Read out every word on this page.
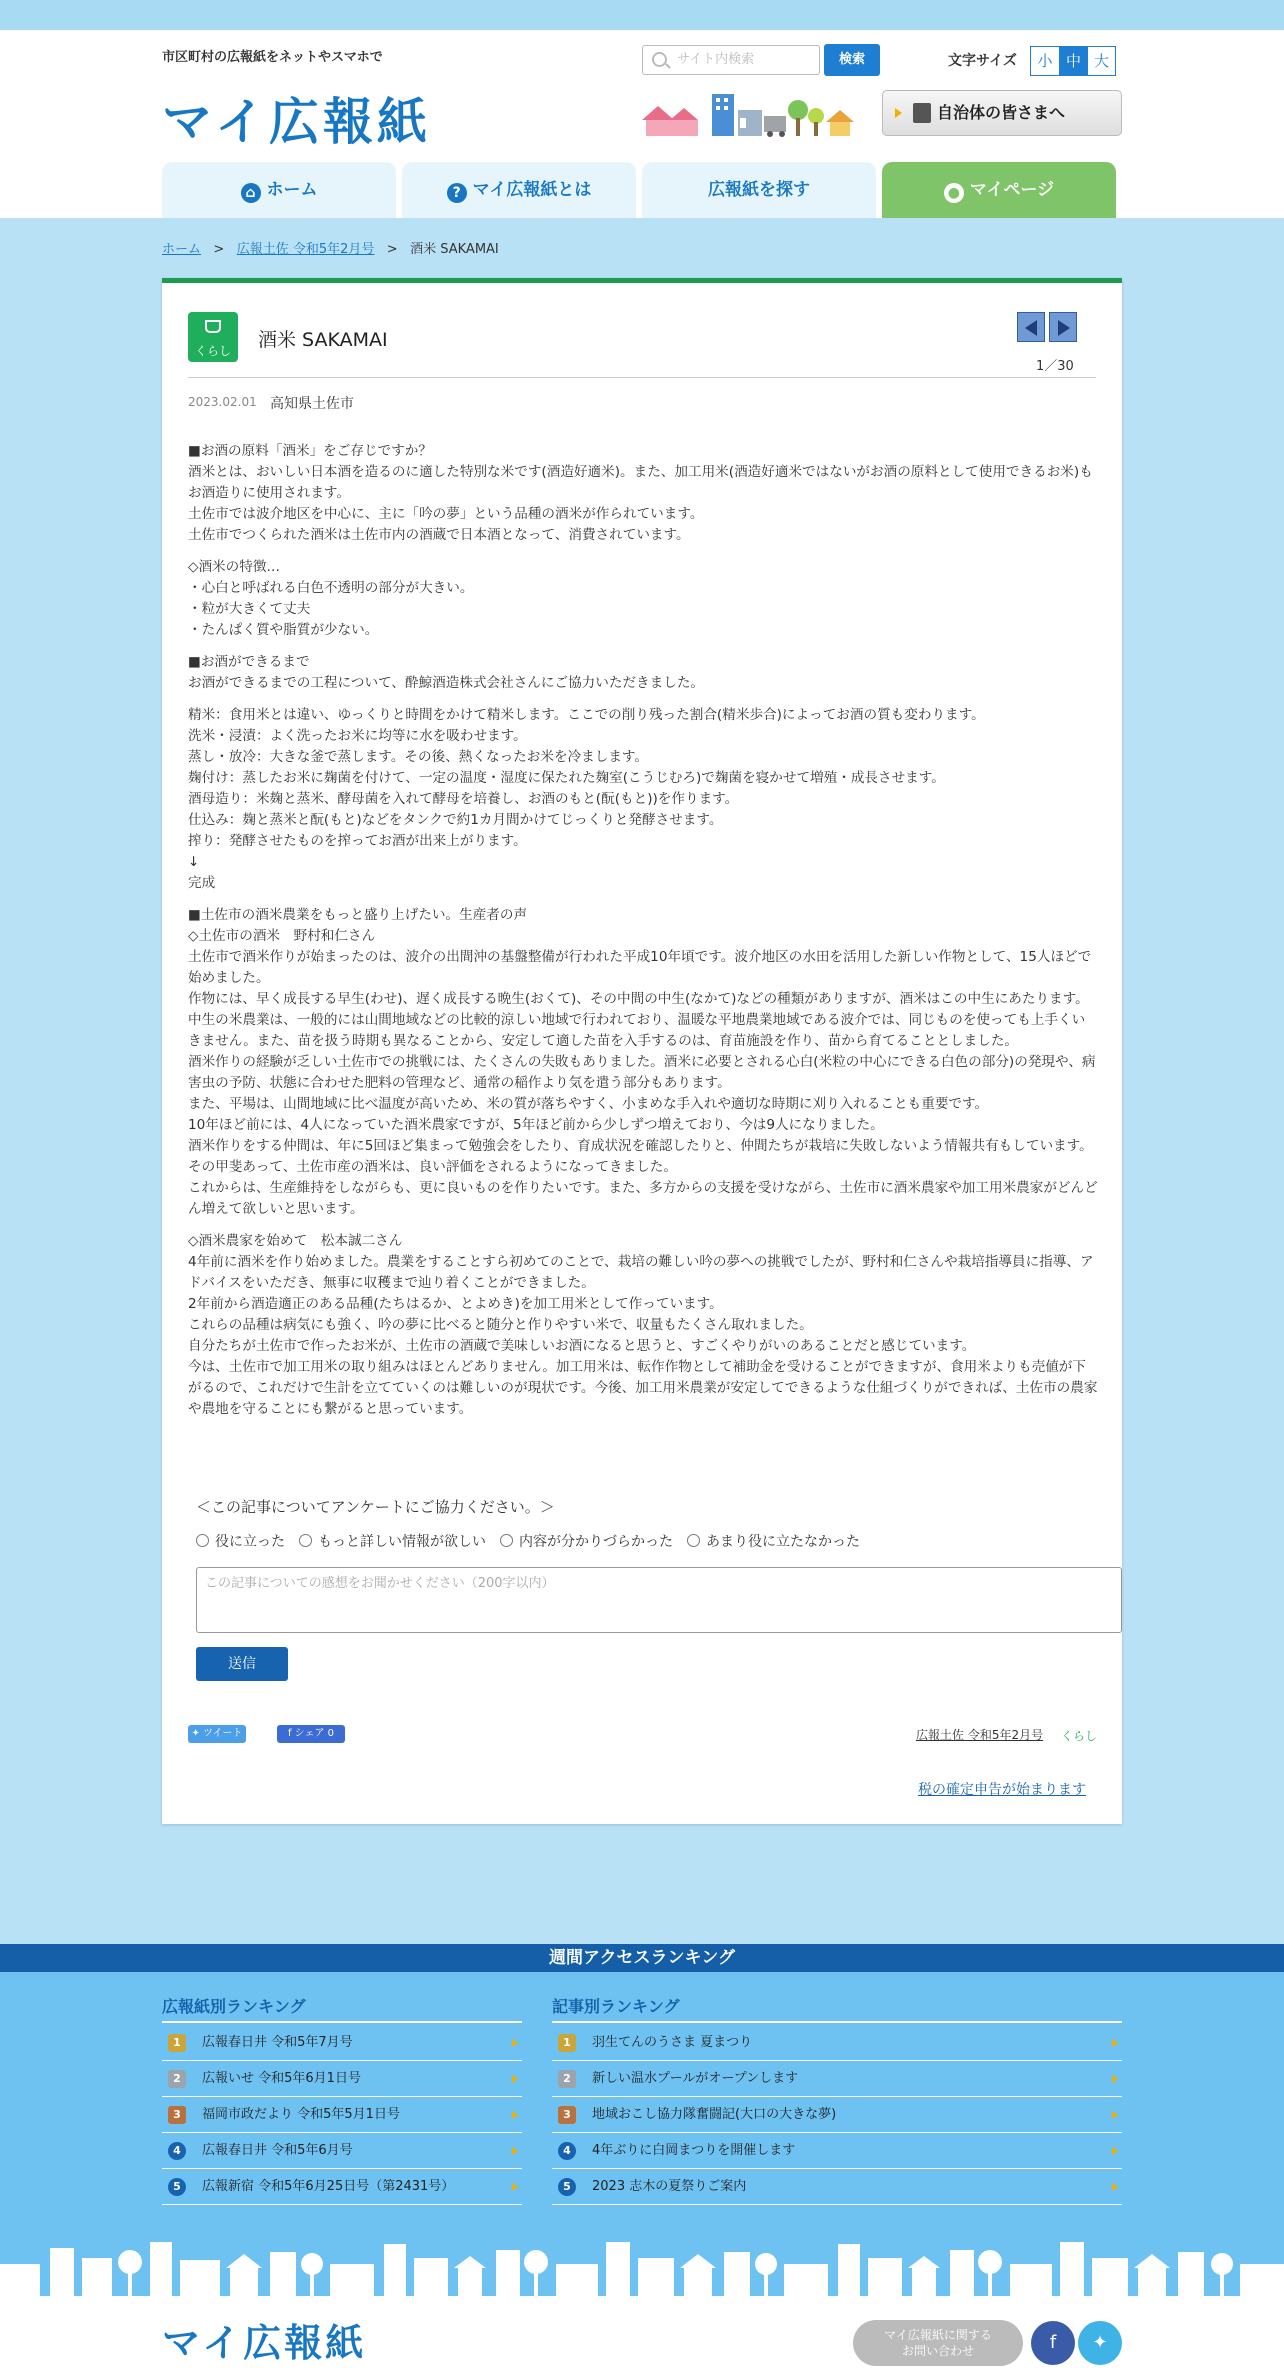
市区町村の広報紙をネットやスマホで
マイ広報紙
サイト内検索	検索	文字サイズ	小 中 大
自治体の皆さまへ
⌂ ホーム	? マイ広報紙とは	広報紙を探す	● マイページ
ホーム   >   広報土佐 令和5年2月号   >   酒米 SAKAMAI
くらし	酒米 SAKAMAI
1／30
2023.02.01 高知県土佐市

■お酒の原料「酒米」をご存じですか？
酒米とは、おいしい日本酒を造るのに適した特別な米です(酒造好適米)。また、加工用米(酒造好適米ではないがお酒の原料として使用できるお米)もお酒造りに使用されます。
土佐市では波介地区を中心に、主に「吟の夢」という品種の酒米が作られています。
土佐市でつくられた酒米は土佐市内の酒蔵で日本酒となって、消費されています。

◇酒米の特徴…
・心白と呼ばれる白色不透明の部分が大きい。
・粒が大きくて丈夫
・たんぱく質や脂質が少ない。

■お酒ができるまで
お酒ができるまでの工程について、酔鯨酒造株式会社さんにご協力いただきました。

精米：食用米とは違い、ゆっくりと時間をかけて精米します。ここでの削り残った割合(精米歩合)によってお酒の質も変わります。
洗米・浸漬：よく洗ったお米に均等に水を吸わせます。
蒸し・放冷：大きな釜で蒸します。その後、熱くなったお米を冷まします。
麹付け：蒸したお米に麹菌を付けて、一定の温度・湿度に保たれた麹室(こうじむろ)で麹菌を寝かせて増殖・成長させます。
酒母造り：米麹と蒸米、酵母菌を入れて酵母を培養し、お酒のもと(酛(もと))を作ります。
仕込み：麹と蒸米と酛(もと)などをタンクで約1カ月間かけてじっくりと発酵させます。
搾り：発酵させたものを搾ってお酒が出来上がります。
↓
完成

■土佐市の酒米農業をもっと盛り上げたい。生産者の声
◇土佐市の酒米　野村和仁さん
土佐市で酒米作りが始まったのは、波介の出間沖の基盤整備が行われた平成10年頃です。波介地区の水田を活用した新しい作物として、15人ほどで始めました。
作物には、早く成長する早生(わせ)、遅く成長する晩生(おくて)、その中間の中生(なかて)などの種類がありますが、酒米はこの中生にあたります。中生の米農業は、一般的には山間地域などの比較的涼しい地域で行われており、温暖な平地農業地域である波介では、同じものを使っても上手くいきません。また、苗を扱う時期も異なることから、安定して適した苗を入手するのは、育苗施設を作り、苗から育てることとしました。
酒米作りの経験が乏しい土佐市での挑戦には、たくさんの失敗もありました。酒米に必要とされる心白(米粒の中心にできる白色の部分)の発現や、病害虫の予防、状態に合わせた肥料の管理など、通常の稲作より気を遣う部分もあります。
また、平場は、山間地域に比べ温度が高いため、米の質が落ちやすく、小まめな手入れや適切な時期に刈り入れることも重要です。
10年ほど前には、4人になっていた酒米農家ですが、5年ほど前から少しずつ増えており、今は9人になりました。
酒米作りをする仲間は、年に5回ほど集まって勉強会をしたり、育成状況を確認したりと、仲間たちが栽培に失敗しないよう情報共有もしています。その甲斐あって、土佐市産の酒米は、良い評価をされるようになってきました。
これからは、生産維持をしながらも、更に良いものを作りたいです。また、多方からの支援を受けながら、土佐市に酒米農家や加工用米農家がどんどん増えて欲しいと思います。

◇酒米農家を始めて　松本誠二さん
4年前に酒米を作り始めました。農業をすることすら初めてのことで、栽培の難しい吟の夢への挑戦でしたが、野村和仁さんや栽培指導員に指導、アドバイスをいただき、無事に収穫まで辿り着くことができました。
2年前から酒造適正のある品種(たちはるか、とよめき)を加工用米として作っています。
これらの品種は病気にも強く、吟の夢に比べると随分と作りやすい米で、収量もたくさん取れました。
自分たちが土佐市で作ったお米が、土佐市の酒蔵で美味しいお酒になると思うと、すごくやりがいのあることだと感じています。
今は、土佐市で加工用米の取り組みはほとんどありません。加工用米は、転作作物として補助金を受けることができますが、食用米よりも売値が下がるので、これだけで生計を立てていくのは難しいのが現状です。今後、加工用米農業が安定してできるような仕組づくりができれば、土佐市の農家や農地を守ることにも繋がると思っています。

＜この記事についてアンケートにご協力ください。＞
役に立った	もっと詳しい情報が欲しい	内容が分かりづらかった	あまり役に立たなかった
この記事についての感想をお聞かせください（200字以内）
送信
✦ ツイート	f シェア 0	広報土佐 令和5年2月号 くらし
税の確定申告が始まります
週間アクセスランキング
広報紙別ランキング
1	広報春日井 令和5年7月号
2	広報いせ 令和5年6月1日号
3	福岡市政だより 令和5年5月1日号
4	広報春日井 令和5年6月号
5	広報新宿 令和5年6月25日号（第2431号）
記事別ランキング
1	羽生てんのうさま 夏まつり
2	新しい温水プールがオープンします
3	地域おこし協力隊奮闘記(大口の大きな夢)
4	4年ぶりに白岡まつりを開催します
5	2023 志木の夏祭りご案内
マイ広報紙	マイ広報紙に関する
お問い合わせ	f	✦
